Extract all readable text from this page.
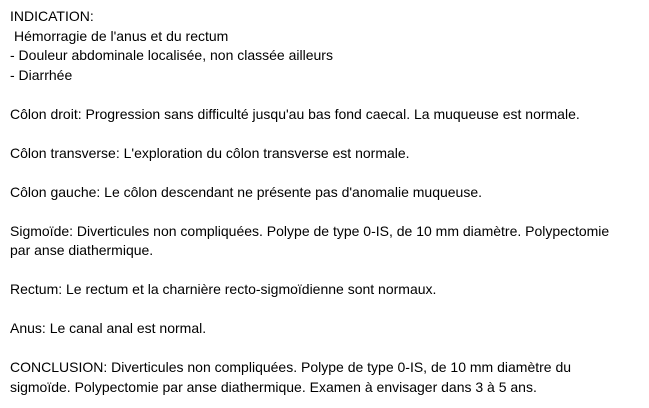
INDICATION:
Hémorragie de l'anus et du rectum
- Douleur abdominale localisée, non classée ailleurs
- Diarrhée
Côlon droit: Progression sans difficulté jusqu'au bas fond caecal. La muqueuse est normale.
Côlon transverse: L'exploration du côlon transverse est normale.
Côlon gauche: Le côlon descendant ne présente pas d'anomalie muqueuse.
Sigmoïde: Diverticules non compliquées. Polype de type 0-IS, de 10 mm diamètre. Polypectomie
par anse diathermique.
Rectum: Le rectum et la charnière recto-sigmoïdienne sont normaux.
Anus: Le canal anal est normal.
CONCLUSION: Diverticules non compliquées. Polype de type 0-IS, de 10 mm diamètre du
sigmoïde. Polypectomie par anse diathermique. Examen à envisager dans 3 à 5 ans.
